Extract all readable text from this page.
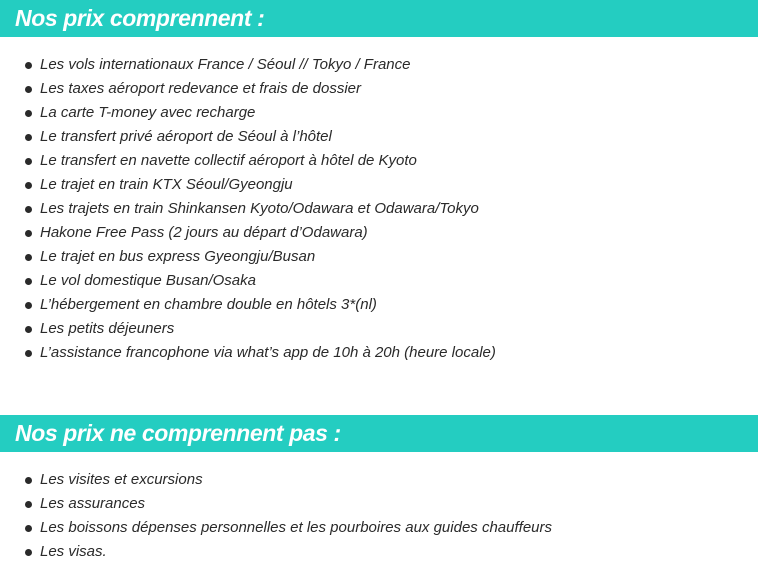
Nos prix comprennent :
Les vols internationaux France / Séoul // Tokyo / France
Les taxes aéroport redevance et frais de dossier
La carte T-money avec recharge
Le transfert privé aéroport de Séoul à l’hôtel
Le transfert en navette collectif aéroport à hôtel de Kyoto
Le trajet en train KTX Séoul/Gyeongju
Les trajets en train Shinkansen Kyoto/Odawara et Odawara/Tokyo
Hakone Free Pass (2 jours au départ d’Odawara)
Le trajet en bus express Gyeongju/Busan
Le vol domestique Busan/Osaka
L’hébergement en chambre double en hôtels 3*(nl)
Les petits déjeuners
L’assistance francophone via what’s app de 10h à 20h (heure locale)
Nos prix ne comprennent pas :
Les visites et excursions
Les assurances
Les boissons dépenses personnelles et les pourboires aux guides chauffeurs
Les visas.
